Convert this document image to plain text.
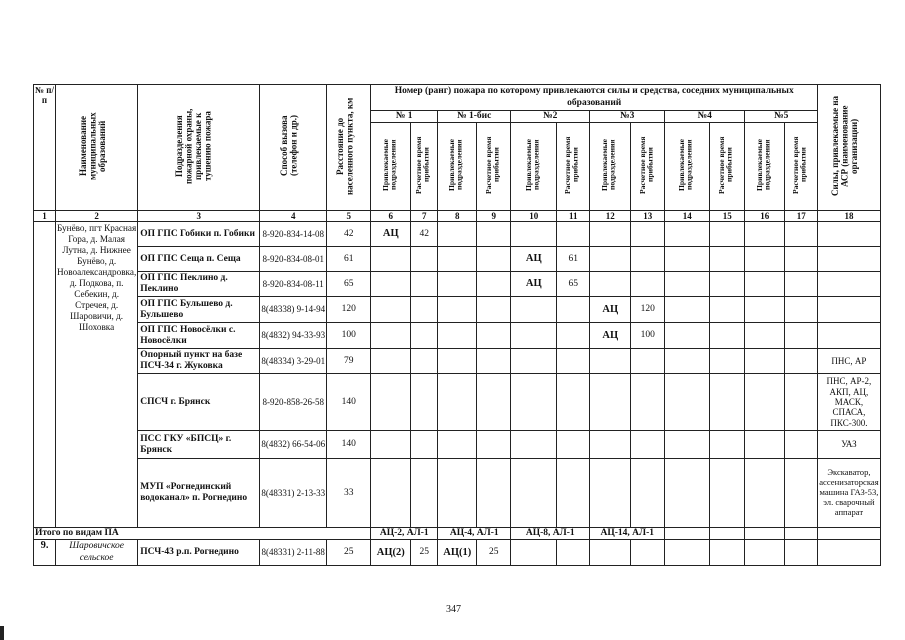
№ п/п	Наименование муниципальных образований	Подразделения пожарной охраны, привлекаемые к тушению пожара	Способ вызова (телефон и др.)	Расстояние до населенного пункта, км	Номер (ранг) пожара по которому привлекаются силы и средства, соседних муниципальных образований												Силы, привлекаемые на АСР (наименование организации)
					№ 1		№ 1-бис		№2		№3		№4		№5		
					Привлекаемые подразделения	Расчетное время прибытия	Привлекаемые подразделения	Расчетное время прибытия	Привлекаемые подразделения	Расчетное время прибытия	Привлекаемые подразделения	Расчетное время прибытия	Привлекаемые подразделения	Расчетное время прибытия	Привлекаемые подразделения	Расчетное время прибытия	
1	2	3	4	5	6	7	8	9	10	11	12	13	14	15	16	17	18
	Бунёво, пгт Красная Гора, д. Малая Лутна, д. Нижнее Бунёво, д. Новоалександровка, д. Подкова, п. Себекин, д. Стречея, д. Шаровичи, д. Шоховка	ОП ГПС Гобики п. Гобики	8-920-834-14-08	42	АЦ	42											
		ОП ГПС Сеща п. Сеща	8-920-834-08-01	61					АЦ	61							
		ОП ГПС Пеклино д. Пеклино	8-920-834-08-11	65					АЦ	65							
		ОП ГПС Бульшево д. Бульшево	8(48338) 9-14-94	120							АЦ	120					
		ОП ГПС Новосёлки с. Новосёлки	8(4832) 94-33-93	100							АЦ	100					
		Опорный пункт на базе ПСЧ-34 г. Жуковка	8(48334) 3-29-01	79													ПНС, АР
		СПСЧ г. Брянск	8-920-858-26-58	140													ПНС, АР-2, АКП, АЦ, МАСК, СПАСА, ПКС-300.
		ПСС ГКУ «БПСЦ» г. Брянск	8(4832) 66-54-06	140													УАЗ
		МУП «Рогнединский водоканал» п. Рогнедино	8(48331) 2-13-33	33													Экскаватор, ассенизаторская машина ГАЗ-53, эл. сварочный аппарат
Итого по видам ПА					АЦ-2, АЛ-1		АЦ-4, АЛ-1		АЦ-8, АЛ-1		АЦ-14, АЛ-1						
9.	Шаровичское сельское	ПСЧ-43 р.п. Рогнедино	8(48331) 2-11-88	25	АЦ(2)	25	АЦ(1)	25									
347
